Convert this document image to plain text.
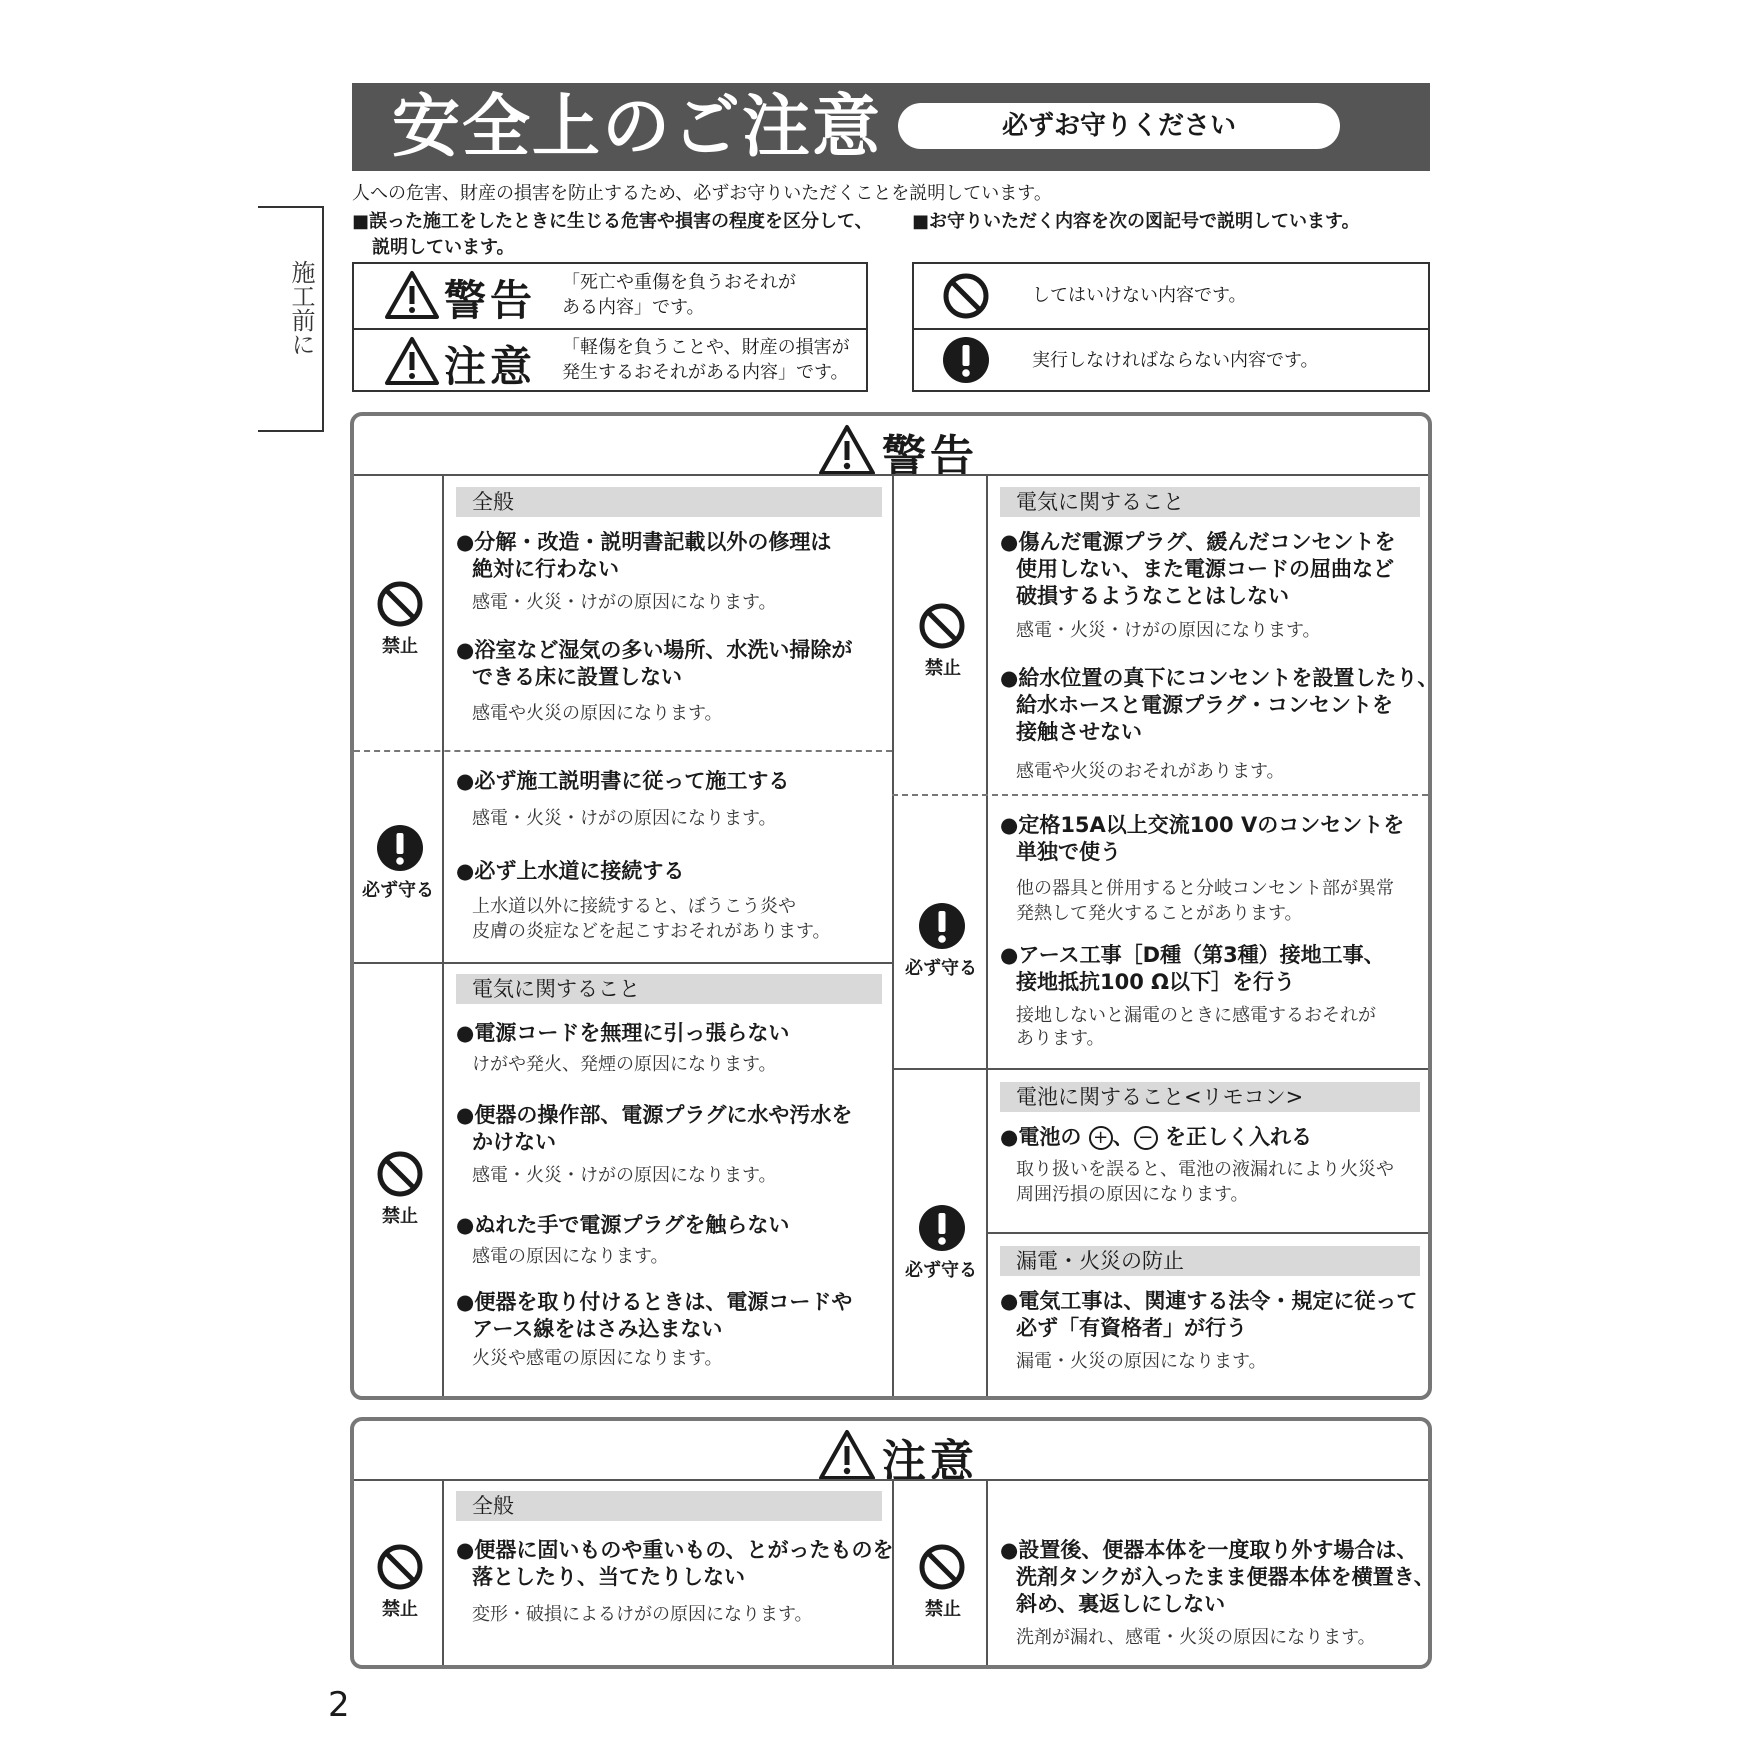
安全上のご注意	必ずお守りください
人への危害、財産の損害を防止するため、必ずお守りいただくことを説明しています。
■誤った施工をしたときに生じる危害や損害の程度を区分して、
説明しています。
■お守りいただく内容を次の図記号で説明しています。
施工前に	警告 「死亡や重傷を負うおそれが
ある内容」です。
注意 「軽傷を負うことや、財産の損害が
発生するおそれがある内容」です。
してはいけない内容です。
実行しなければならない内容です。
警告
禁止
全般
●分解・改造・説明書記載以外の修理は
絶対に行わない
感電・火災・けがの原因になります。
●浴室など湿気の多い場所、水洗い掃除が
できる床に設置しない
感電や火災の原因になります。
必ず守る
●必ず施工説明書に従って施工する
感電・火災・けがの原因になります。
●必ず上水道に接続する
上水道以外に接続すると、ぼうこう炎や
皮膚の炎症などを起こすおそれがあります。
禁止
電気に関すること
●電源コードを無理に引っ張らない
けがや発火、発煙の原因になります。
●便器の操作部、電源プラグに水や汚水を
かけない
感電・火災・けがの原因になります。
●ぬれた手で電源プラグを触らない
感電の原因になります。
●便器を取り付けるときは、電源コードや
アース線をはさみ込まない
火災や感電の原因になります。
禁止
電気に関すること
●傷んだ電源プラグ、緩んだコンセントを
使用しない、また電源コードの屈曲など
破損するようなことはしない
感電・火災・けがの原因になります。
●給水位置の真下にコンセントを設置したり、
給水ホースと電源プラグ・コンセントを
接触させない
感電や火災のおそれがあります。
必ず守る
●定格15A以上交流100 Vのコンセントを
単独で使う
他の器具と併用すると分岐コンセント部が異常
発熱して発火することがあります。
●アース工事［D種（第3種）接地工事、
接地抵抗100 Ω以下］を行う
接地しないと漏電のときに感電するおそれが
あります。
必ず守る
電池に関すること<リモコン>
●電池の + 、 − を正しく入れる
取り扱いを誤ると、電池の液漏れにより火災や
周囲汚損の原因になります。
漏電・火災の防止
●電気工事は、関連する法令・規定に従って
必ず「有資格者」が行う
漏電・火災の原因になります。
注意
禁止
全般
●便器に固いものや重いもの、とがったものを
落としたり、当てたりしない
変形・破損によるけがの原因になります。	禁止
●設置後、便器本体を一度取り外す場合は、
洗剤タンクが入ったまま便器本体を横置き、
斜め、裏返しにしない
洗剤が漏れ、感電・火災の原因になります。
2
